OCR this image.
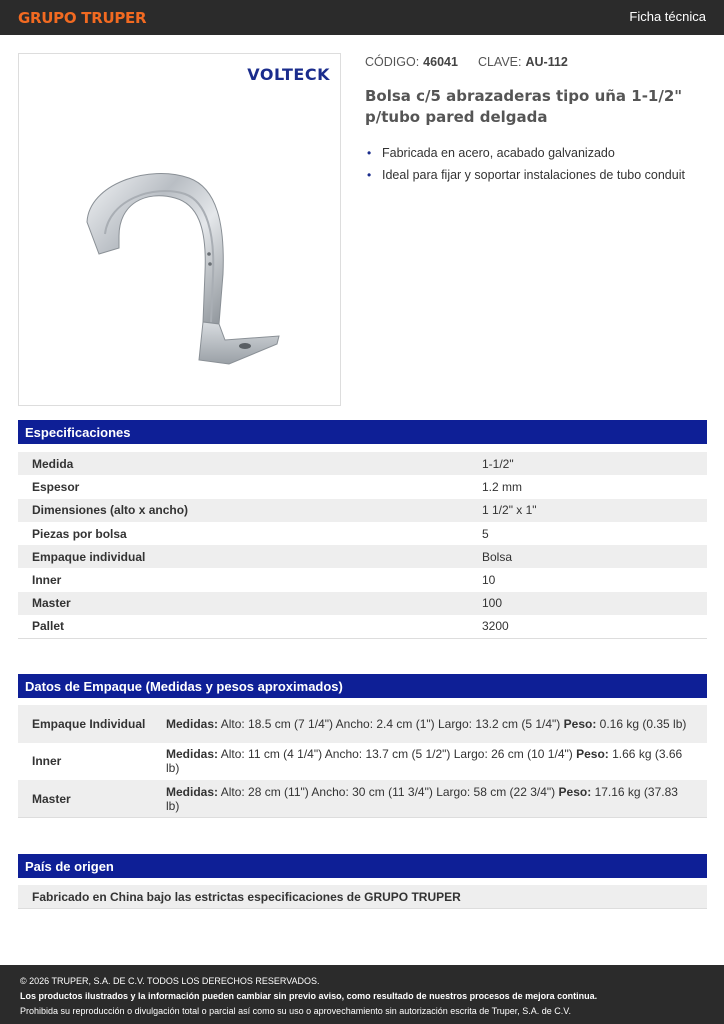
GRUPO TRUPER	Ficha técnica
VOLTECK
CÓDIGO: 46041 CLAVE: AU-112
Bolsa c/5 abrazaderas tipo uña 1-1/2" p/tubo pared delgada
• Fabricada en acero, acabado galvanizado
• Ideal para fijar y soportar instalaciones de tubo conduit
Especificaciones
Medida	1-1/2"
Espesor	1.2 mm
Dimensiones (alto x ancho)	1 1/2" x 1"
Piezas por bolsa	5
Empaque individual	Bolsa
Inner	10
Master	100
Pallet	3200
Datos de Empaque (Medidas y pesos aproximados)
Empaque Individual	Medidas: Alto: 18.5 cm (7 1/4") Ancho: 2.4 cm (1") Largo: 13.2 cm (5 1/4") Peso: 0.16 kg (0.35 lb)
Inner	Medidas: Alto: 11 cm (4 1/4") Ancho: 13.7 cm (5 1/2") Largo: 26 cm (10 1/4") Peso: 1.66 kg (3.66 lb)
Master	Medidas: Alto: 28 cm (11") Ancho: 30 cm (11 3/4") Largo: 58 cm (22 3/4") Peso: 17.16 kg (37.83 lb)
País de origen
Fabricado en China bajo las estrictas especificaciones de GRUPO TRUPER
© 2026 TRUPER, S.A. DE C.V. TODOS LOS DERECHOS RESERVADOS.
Los productos ilustrados y la información pueden cambiar sin previo aviso, como resultado de nuestros procesos de mejora continua.
Prohibida su reproducción o divulgación total o parcial así como su uso o aprovechamiento sin autorización escrita de Truper, S.A. de C.V.
